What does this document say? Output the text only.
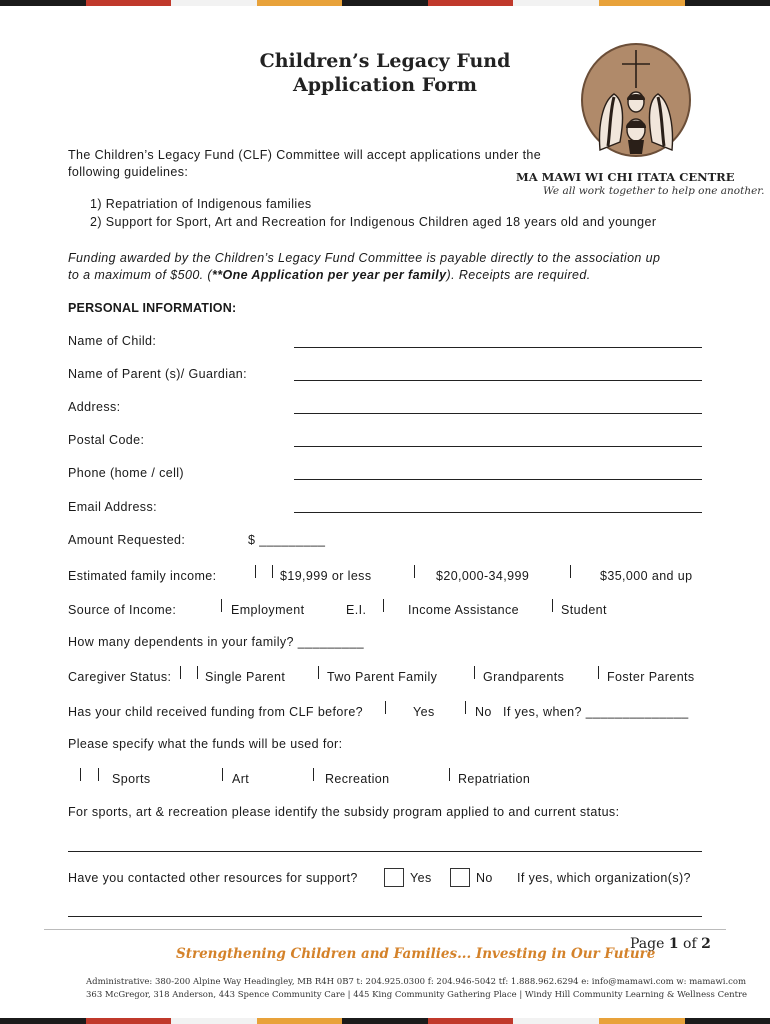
Children’s Legacy Fund
Application Form
MA MAWI WI CHI ITATA CENTRE
We all work together to help one another.
The Children’s Legacy Fund (CLF) Committee will accept applications under the
following guidelines:
1) Repatriation of Indigenous families
2) Support for Sport, Art and Recreation for Indigenous Children aged 18 years old and younger
Funding awarded by the Children’s Legacy Fund Committee is payable directly to the association up
to a maximum of $500. (**One Application per year per family). Receipts are required.
PERSONAL INFORMATION:
Name of Child:
Name of Parent (s)/ Guardian:
Address:
Postal Code:
Phone (home / cell)
Email Address:
Amount Requested:	$ _________
Estimated family income:	$19,999 or less	$20,000-34,999	$35,000 and up
Source of Income:	Employment	E.I.	Income Assistance	Student
How many dependents in your family? _________
Caregiver Status:	Single Parent	Two Parent Family	Grandparents	Foster Parents
Has your child received funding from CLF before?	Yes	No If yes, when? ______________
Please specify what the funds will be used for:
Sports	Art	Recreation	Repatriation
For sports, art & recreation please identify the subsidy program applied to and current status:
Have you contacted other resources for support?	Yes	No If yes, which organization(s)?
Page 1 of 2
Strengthening Children and Families... Investing in Our Future
Administrative: 380-200 Alpine Way Headingley, MB R4H 0B7 t: 204.925.0300 f: 204.946-5042 tf: 1.888.962.6294 e: info@mamawi.com w: mamawi.com
363 McGregor, 318 Anderson, 443 Spence Community Care | 445 King Community Gathering Place | Windy Hill Community Learning & Wellness Centre
